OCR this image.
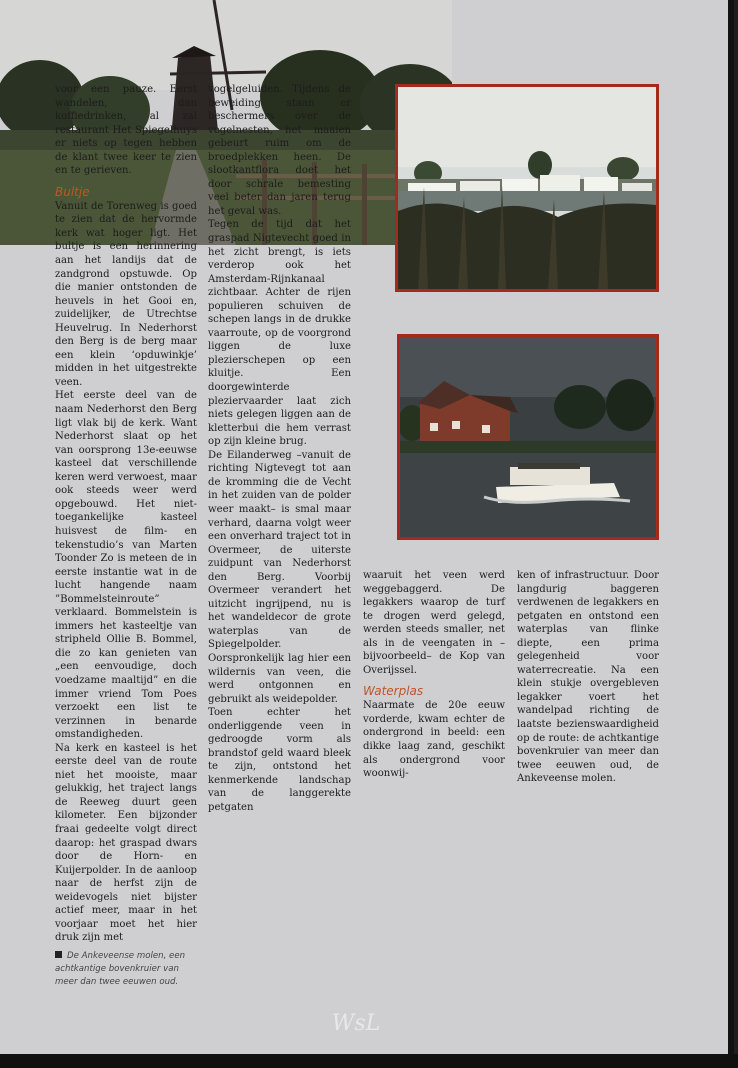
voor een pauze. Eerst wandelen, dan koffiedrinken, al zal restaurant Het Spiegelhuys er niets op tegen hebben de klant twee keer te zien en te gerieven.

Bultje

Vanuit de Torenweg is goed te zien dat de hervormde kerk wat hoger ligt. Het bultje is een herinnering aan het landijs dat de zandgrond opstuwde. Op die manier ontstonden de heuvels in het Gooi en, zuidelijker, de Utrechtse Heuvelrug. In Nederhorst den Berg is de berg maar een klein ‘opduwinkje’ midden in het uitgestrekte veen.

Het eerste deel van de naam Nederhorst den Berg ligt vlak bij de kerk. Want Nederhorst slaat op het van oorsprong 13e-eeuwse kasteel dat verschillende keren werd verwoest, maar ook steeds weer werd opgebouwd. Het niet-toegankelijke kasteel huisvest de film- en tekenstudio’s van Marten Toonder Zo is meteen de in eerste instantie wat in de lucht hangende naam ”Bommelsteinroute” verklaard. Bommelstein is immers het kasteeltje van stripheld Ollie B. Bommel, die zo kan genieten van „een eenvoudige, doch voedzame maaltijd” en die immer vriend Tom Poes verzoekt een list te verzinnen in benarde omstandigheden.

Na kerk en kasteel is het eerste deel van de route niet het mooiste, maar gelukkig, het traject langs de Reeweg duurt geen kilometer. Een bijzonder fraai gedeelte volgt direct daarop: het graspad dwars door de Horn- en Kuijerpolder. In de aanloop naar de herfst zijn de weidevogels niet bijster actief meer, maar in het voorjaar moet het hier druk zijn met

vogelgeluiden. Tijdens de beweiding staan er beschermers over de vogelnesten, het maaien gebeurt ruim om de broedplekken heen. De slootkantflora doet het door schrale bemesting veel beter dan jaren terug het geval was.

Tegen de tijd dat het graspad Nigtevecht goed in het zicht brengt, is iets verderop ook het Amsterdam-Rijnkanaal zichtbaar. Achter de rijen populieren schuiven de schepen langs in de drukke vaarroute, op de voorgrond liggen de luxe plezierschepen op een kluitje. Een doorgewinterde pleziervaarder laat zich niets gelegen liggen aan de kletterbui die hem verrast op zijn kleine brug.

De Eilanderweg –vanuit de richting Nigtevegt tot aan de kromming die de Vecht in het zuiden van de polder weer maakt– is smal maar verhard, daarna volgt weer een onverhard traject tot in Overmeer, de uiterste zuidpunt van Nederhorst den Berg. Voorbij Overmeer verandert het uitzicht ingrijpend, nu is het wandeldecor de grote waterplas van de Spiegelpolder. Oorspronkelijk lag hier een wildernis van veen, die werd ontgonnen en gebruikt als weidepolder.

Toen echter het onderliggende veen in gedroogde vorm als brandstof geld waard bleek te zijn, ontstond het kenmerkende landschap van de langgerekte petgaten

waaruit het veen werd weggebaggerd. De legakkers waarop de turf te drogen werd gelegd, werden steeds smaller, net als in de veengaten in –bijvoorbeeld– de Kop van Overijssel.

Waterplas

Naarmate de 20e eeuw vorderde, kwam echter de ondergrond in beeld: een dikke laag zand, geschikt als ondergrond voor woonwij-

ken of infrastructuur. Door langdurig baggeren verdwenen de legakkers en petgaten en ontstond een waterplas van flinke diepte, een prima gelegenheid voor waterrecreatie. Na een klein stukje overgebleven legakker voert het wandelpad richting de laatste bezienswaardigheid op de route: de achtkantige bovenkruier van meer dan twee eeuwen oud, de Ankeveense molen.

De Ankeveense molen, een achtkantige bovenkruier van meer dan twee eeuwen oud.
WsL
